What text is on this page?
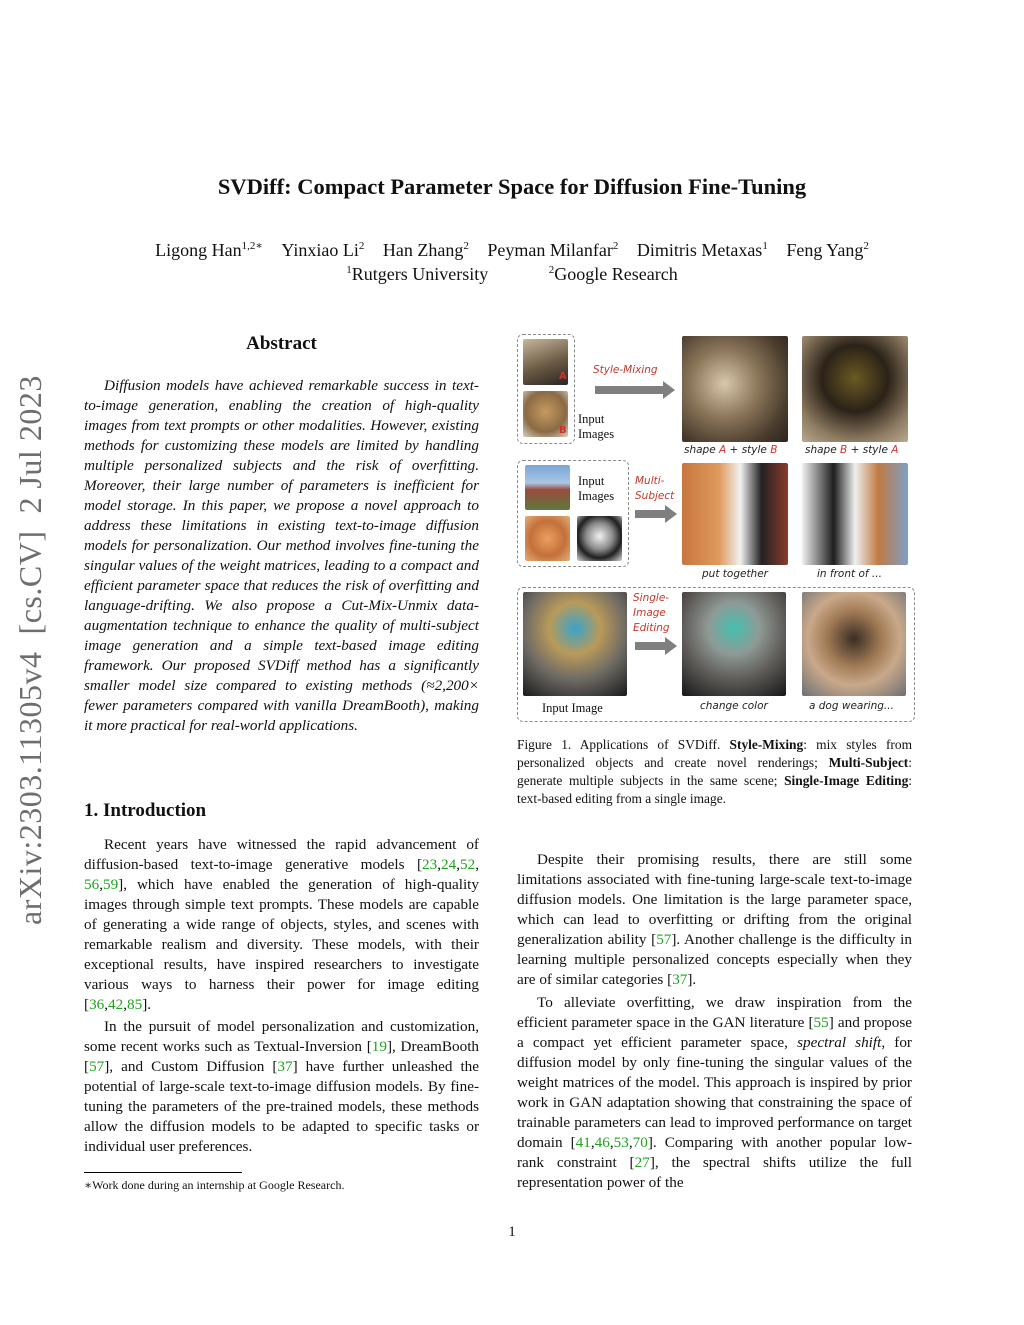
arXiv:2303.11305v4  [cs.CV]  2 Jul 2023
SVDiff: Compact Parameter Space for Diffusion Fine-Tuning
Ligong Han$^{1,2∗}$ Yinxiao Li$^2$ Han Zhang$^2$ Peyman Milanfar$^2$ Dimitris Metaxas$^1$ Feng Yang$^2$
$^1$Rutgers University	$^2$Google Research
Abstract

Diffusion models have achieved remarkable success in text-to-image generation, enabling the creation of high-quality images from text prompts or other modalities. However, existing methods for customizing these models are limited by handling multiple personalized subjects and the risk of overfitting. Moreover, their large number of parameters is inefficient for model storage. In this paper, we propose a novel approach to address these limitations in existing text-to-image diffusion models for personalization. Our method involves fine-tuning the singular values of the weight matrices, leading to a compact and efficient parameter space that reduces the risk of overfitting and language-drifting. We also propose a Cut-Mix-Unmix data-augmentation technique to enhance the quality of multi-subject image generation and a simple text-based image editing framework. Our proposed SVDiff method has a significantly smaller model size compared to existing methods (≈2,200× fewer parameters compared with vanilla DreamBooth), making it more practical for real-world applications.

1. Introduction

Recent years have witnessed the rapid advancement of diffusion-based text-to-image generative models [23,24,52, 56,59], which have enabled the generation of high-quality images through simple text prompts. These models are capable of generating a wide range of objects, styles, and scenes with remarkable realism and diversity. These models, with their exceptional results, have inspired researchers to investigate various ways to harness their power for image editing [36,42,85].

In the pursuit of model personalization and customization, some recent works such as Textual-Inversion [19], DreamBooth [57], and Custom Diffusion [37] have further unleashed the potential of large-scale text-to-image diffusion models. By fine-tuning the parameters of the pre-trained models, these methods allow the diffusion models to be adapted to specific tasks or individual user preferences.

∗Work done during an internship at Google Research.
A
B
Input
Images
Style-Mixing
shape A + style B	shape B + style A
Input
Images
Multi-
Subject
put together	in front of ...
Input Image
Single-
Image
Editing
change color	a dog wearing...
Figure 1. Applications of SVDiff. Style-Mixing: mix styles from personalized objects and create novel renderings; Multi-Subject: generate multiple subjects in the same scene; Single-Image Editing: text-based editing from a single image.

Despite their promising results, there are still some limitations associated with fine-tuning large-scale text-to-image diffusion models. One limitation is the large parameter space, which can lead to overfitting or drifting from the original generalization ability [57]. Another challenge is the difficulty in learning multiple personalized concepts especially when they are of similar categories [37].

To alleviate overfitting, we draw inspiration from the efficient parameter space in the GAN literature [55] and propose a compact yet efficient parameter space, spectral shift, for diffusion model by only fine-tuning the singular values of the weight matrices of the model. This approach is inspired by prior work in GAN adaptation showing that constraining the space of trainable parameters can lead to improved performance on target domain [41,46,53,70]. Comparing with another popular low-rank constraint [27], the spectral shifts utilize the full representation power of the

1
